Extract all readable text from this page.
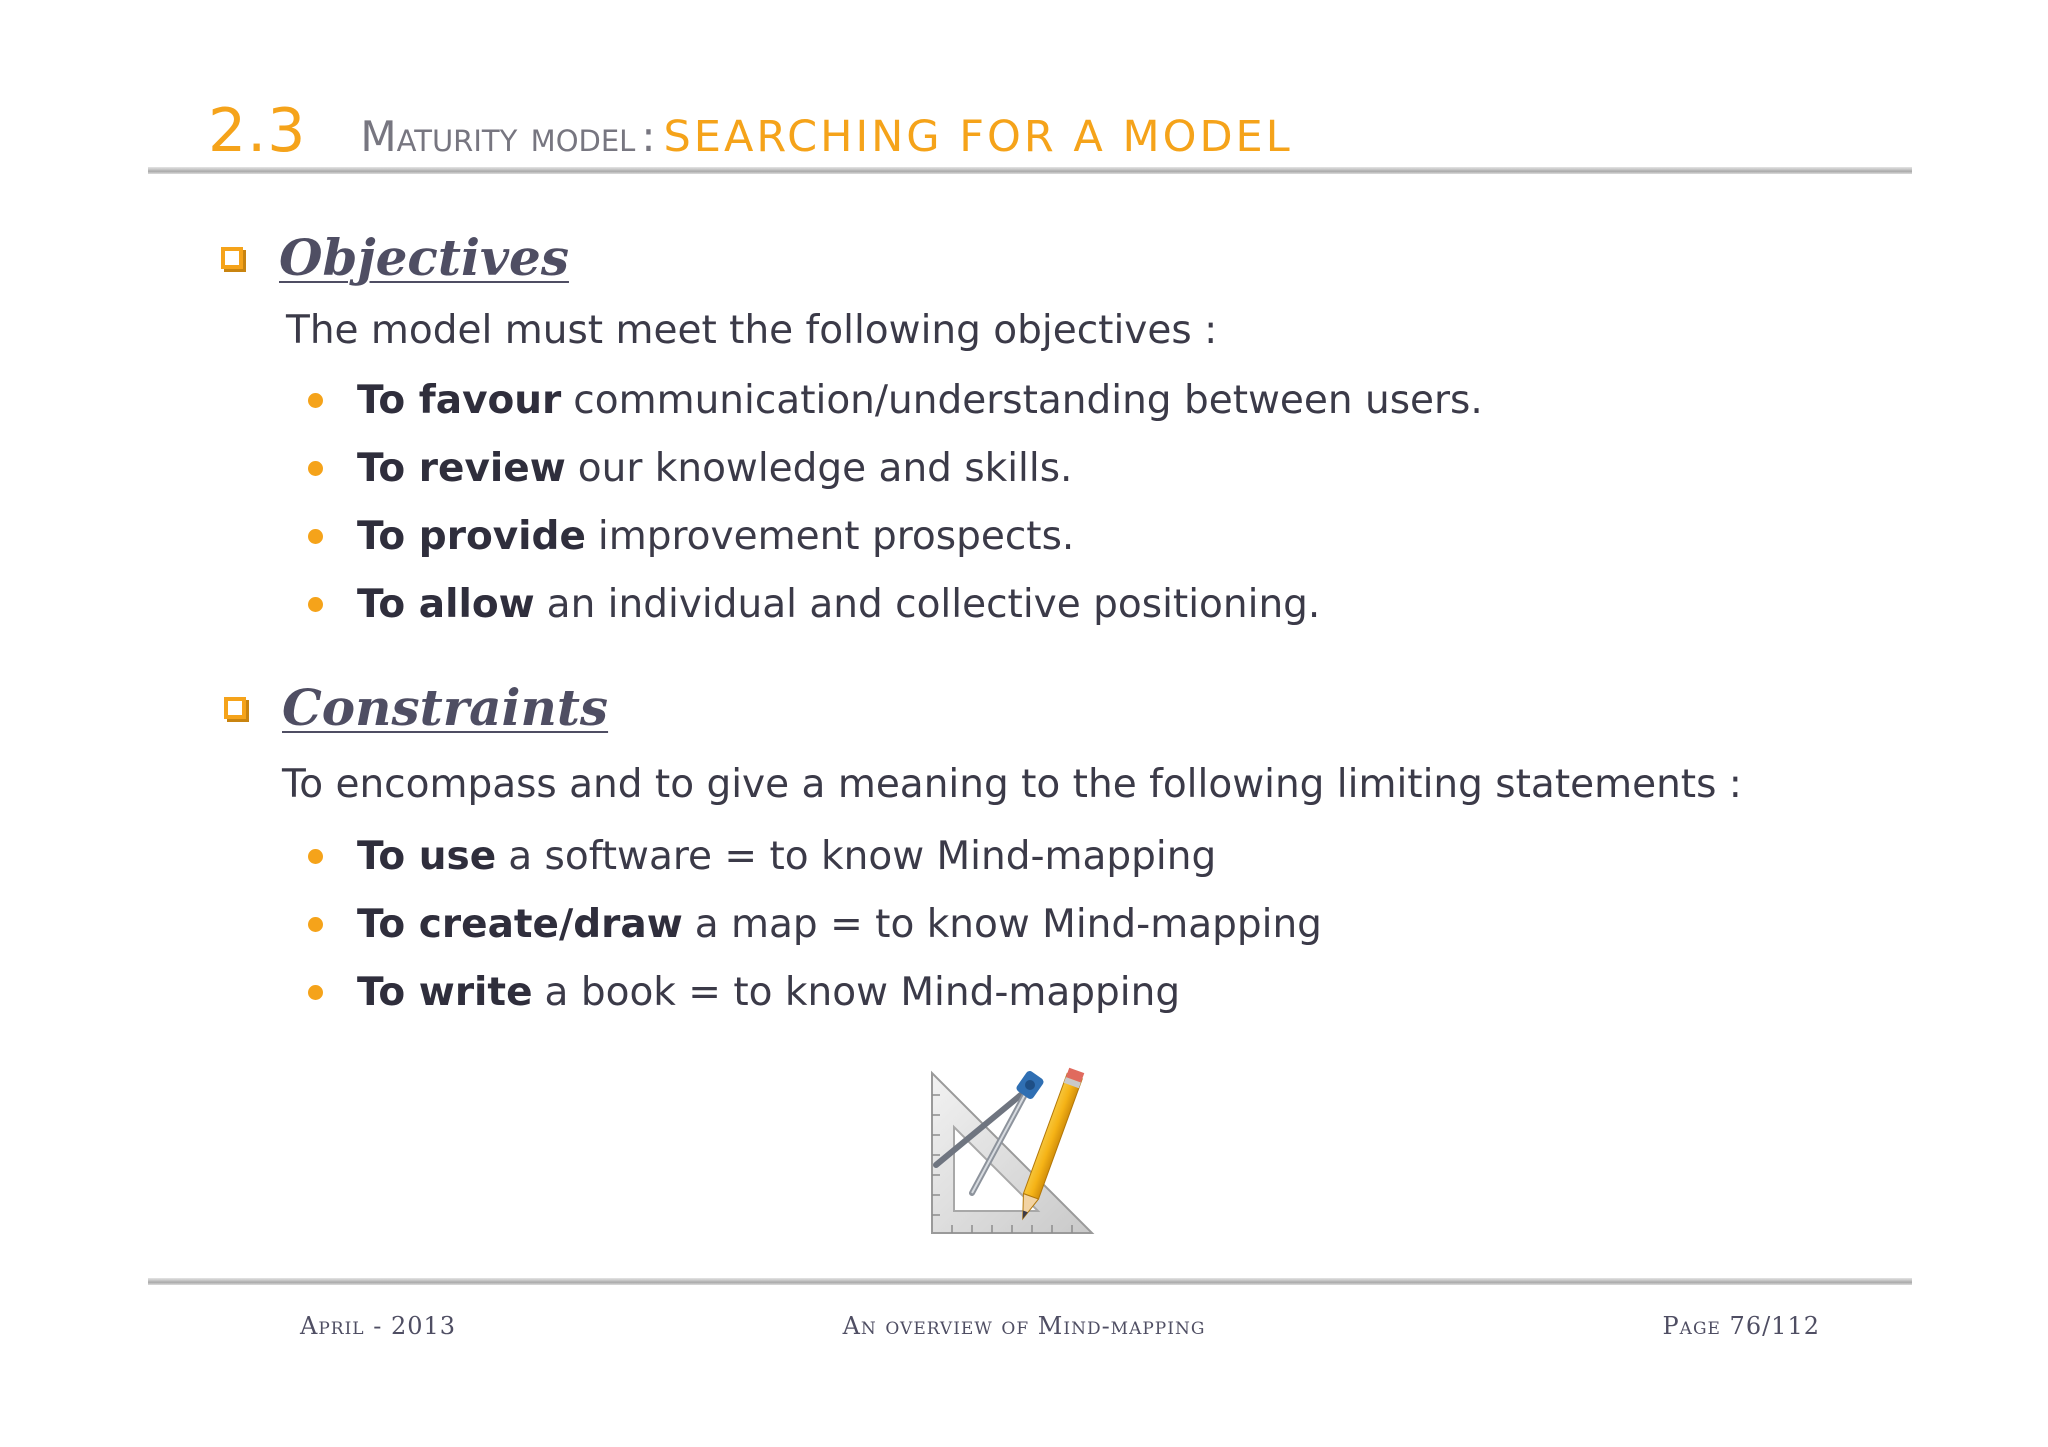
2.3 Maturity model : SEARCHING FOR A MODEL
Objectives
The model must meet the following objectives :
To favour communication/understanding between users.
To review our knowledge and skills.
To provide improvement prospects.
To allow an individual and collective positioning.
Constraints
To encompass and to give a meaning to the following limiting statements :
To use a software = to know Mind-mapping
To create/draw a map = to know Mind-mapping
To write a book = to know Mind-mapping
April - 2013	An overview of Mind-mapping	Page 76/112
